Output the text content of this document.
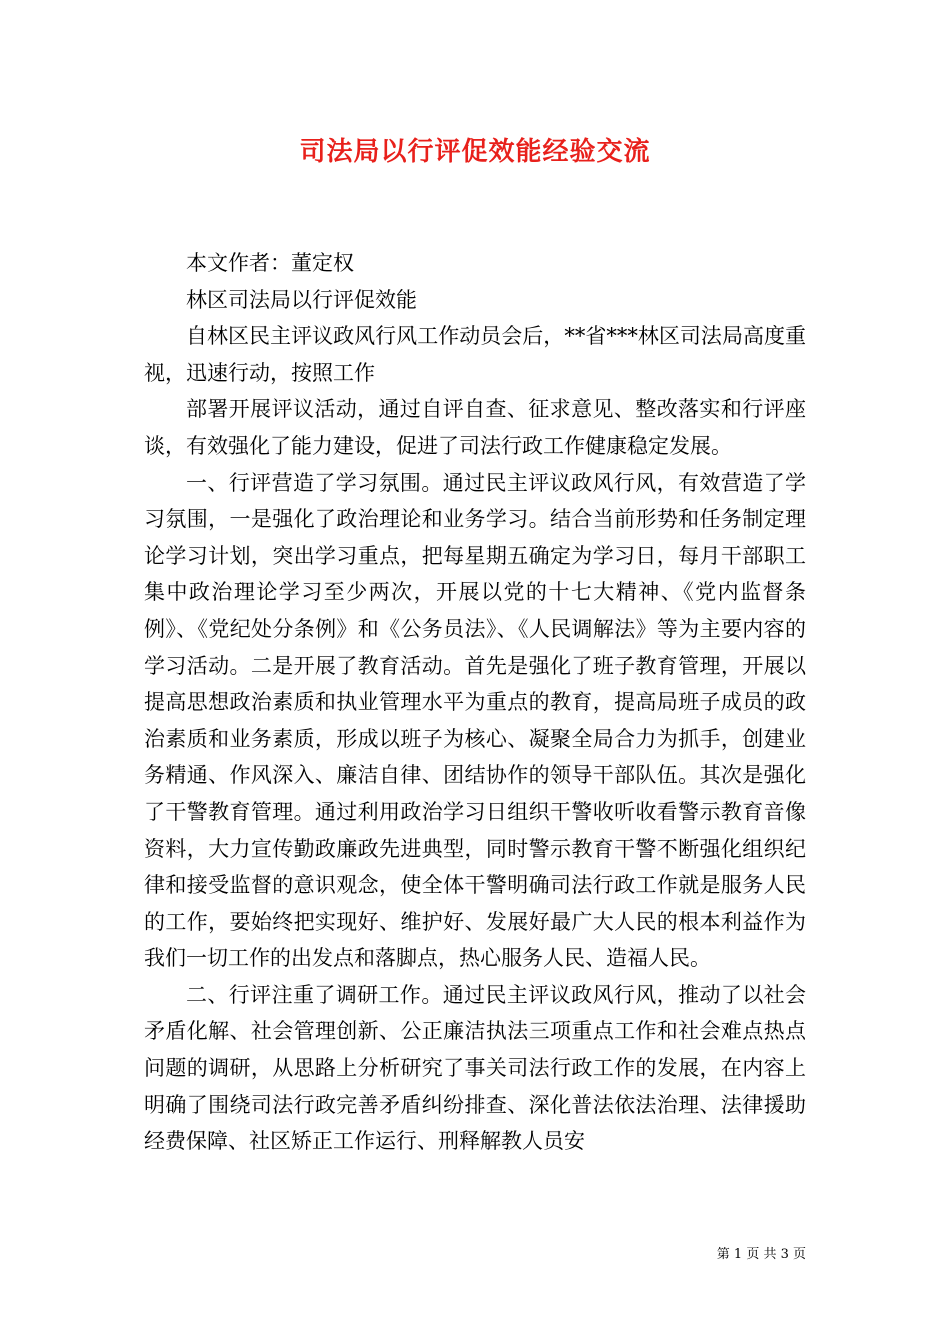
司法局以行评促效能经验交流

本文作者：董定权

林区司法局以行评促效能

自林区民主评议政风行风工作动员会后，**省***林区司法局高度重视，迅速行动，按照工作

部署开展评议活动，通过自评自查、征求意见、整改落实和行评座谈，有效强化了能力建设，促进了司法行政工作健康稳定发展。

一、行评营造了学习氛围。通过民主评议政风行风，有效营造了学习氛围，一是强化了政治理论和业务学习。结合当前形势和任务制定理论学习计划，突出学习重点，把每星期五确定为学习日，每月干部职工集中政治理论学习至少两次，开展以党的十七大精神、《党内监督条例》、《党纪处分条例》和《公务员法》、《人民调解法》等为主要内容的学习活动。二是开展了教育活动。首先是强化了班子教育管理，开展以提高思想政治素质和执业管理水平为重点的教育，提高局班子成员的政治素质和业务素质，形成以班子为核心、凝聚全局合力为抓手，创建业务精通、作风深入、廉洁自律、团结协作的领导干部队伍。其次是强化了干警教育管理。通过利用政治学习日组织干警收听收看警示教育音像资料，大力宣传勤政廉政先进典型，同时警示教育干警不断强化组织纪律和接受监督的意识观念，使全体干警明确司法行政工作就是服务人民的工作，要始终把实现好、维护好、发展好最广大人民的根本利益作为我们一切工作的出发点和落脚点，热心服务人民、造福人民。

二、行评注重了调研工作。通过民主评议政风行风，推动了以社会矛盾化解、社会管理创新、公正廉洁执法三项重点工作和社会难点热点问题的调研，从思路上分析研究了事关司法行政工作的发展，在内容上明确了围绕司法行政完善矛盾纠纷排查、深化普法依法治理、法律援助经费保障、社区矫正工作运行、刑释解教人员安

第 1 页 共 3 页
